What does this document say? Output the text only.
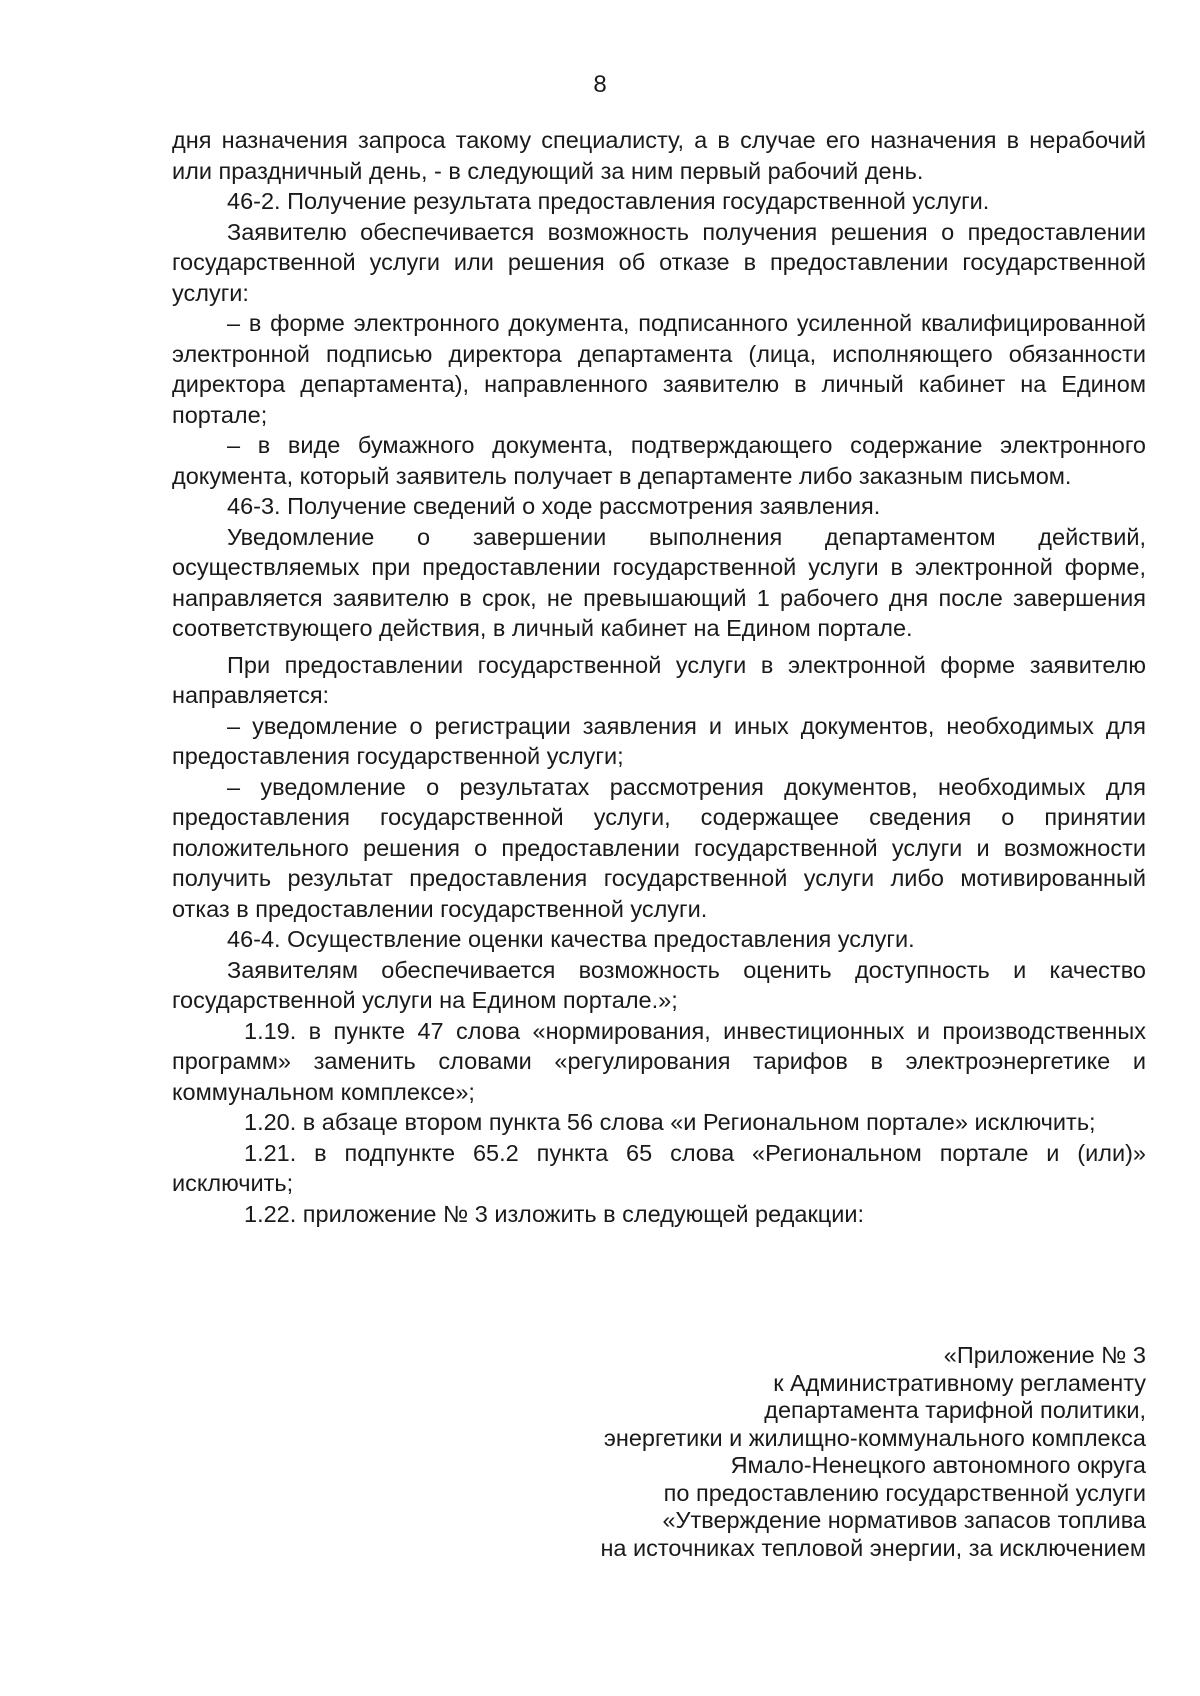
8

дня назначения запроса такому специалисту, а в случае его назначения в нерабочий или праздничный день, - в следующий за ним первый рабочий день.

46-2. Получение результата предоставления государственной услуги.

Заявителю обеспечивается возможность получения решения о предоставлении государственной услуги или решения об отказе в предоставлении государственной услуги:

– в форме электронного документа, подписанного усиленной квалифицированной электронной подписью директора департамента (лица, исполняющего обязанности директора департамента), направленного заявителю в личный кабинет на Едином портале;

– в виде бумажного документа, подтверждающего содержание электронного документа, который заявитель получает в департаменте либо заказным письмом.

46-3. Получение сведений о ходе рассмотрения заявления.

Уведомление о завершении выполнения департаментом действий, осуществляемых при предоставлении государственной услуги в электронной форме, направляется заявителю в срок, не превышающий 1 рабочего дня после завершения соответствующего действия, в личный кабинет на Едином портале.

При предоставлении государственной услуги в электронной форме заявителю направляется:

– уведомление о регистрации заявления и иных документов, необходимых для предоставления государственной услуги;

– уведомление о результатах рассмотрения документов, необходимых для предоставления государственной услуги, содержащее сведения о принятии положительного решения о предоставлении государственной услуги и возможности получить результат предоставления государственной услуги либо мотивированный отказ в предоставлении государственной услуги.

46-4. Осуществление оценки качества предоставления услуги.

Заявителям обеспечивается возможность оценить доступность и качество государственной услуги на Едином портале.»;

1.19. в пункте 47 слова «нормирования, инвестиционных и производственных программ» заменить словами «регулирования тарифов в электроэнергетике и коммунальном комплексе»;

1.20. в абзаце втором пункта 56 слова «и Региональном портале» исключить;

1.21. в подпункте 65.2 пункта 65 слова «Региональном портале и (или)» исключить;

1.22. приложение № 3 изложить в следующей редакции:

«Приложение № 3
к Административному регламенту
департамента тарифной политики,
энергетики и жилищно-коммунального комплекса
Ямало-Ненецкого автономного округа
по предоставлению государственной услуги
«Утверждение нормативов запасов топлива
на источниках тепловой энергии, за исключением
